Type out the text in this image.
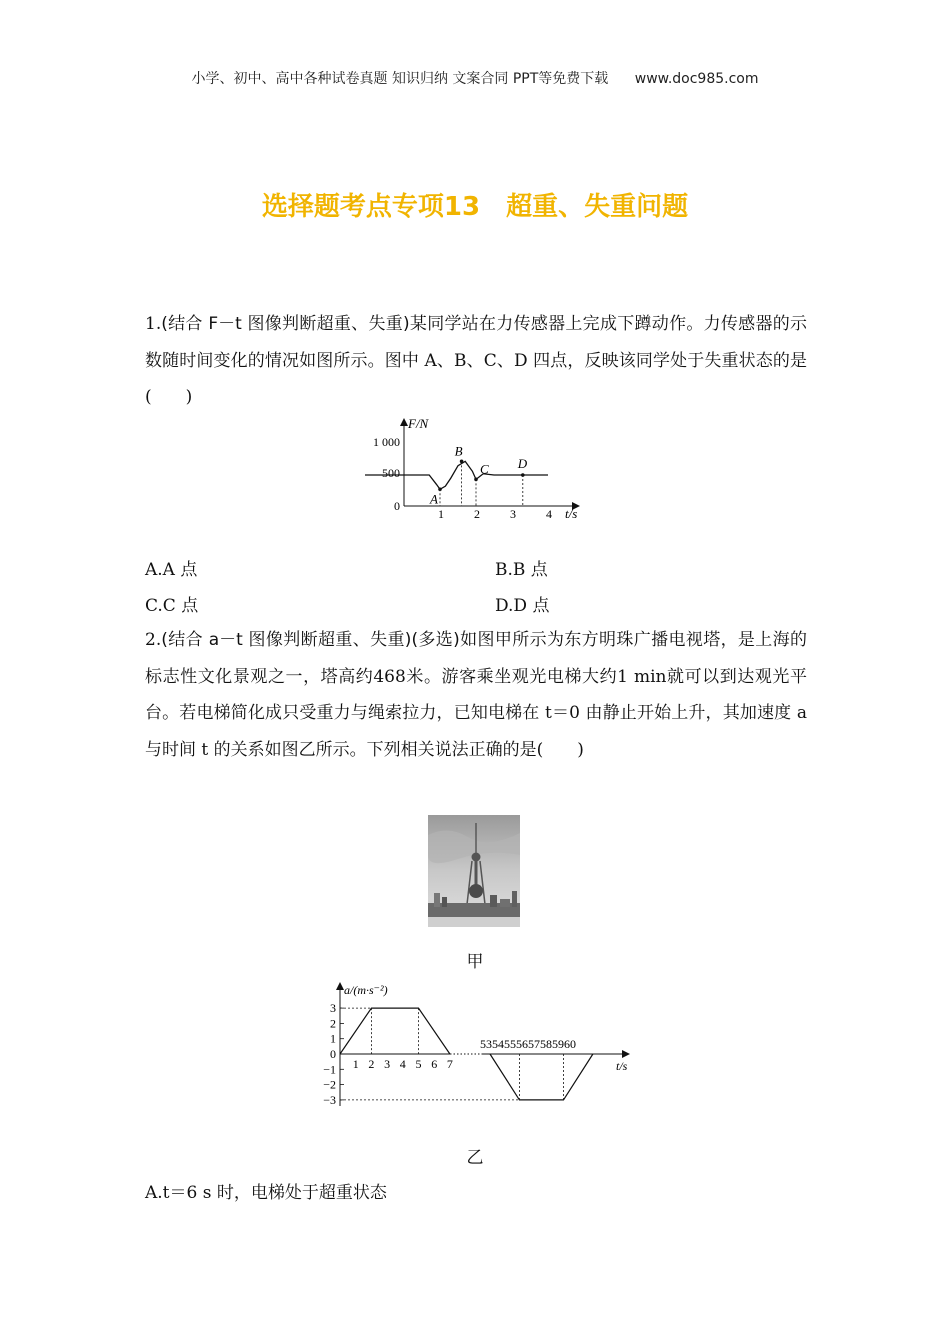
小学、初中、高中各种试卷真题 知识归纳 文案合同 PPT等免费下载 www.doc985.com
选择题考点专项13　超重、失重问题
1.(结合 F－t 图像判断超重、失重)某同学站在力传感器上完成下蹲动作。力传感器的示数随时间变化的情况如图所示。图中 A、B、C、D 四点，反映该同学处于失重状态的是(　　)
F/N
t/s
1 000
500
0
1	2	3	4
A
B
C D
A.A 点	B.B 点
C.C 点	D.D 点
2.(结合 a－t 图像判断超重、失重)(多选)如图甲所示为东方明珠广播电视塔，是上海的标志性文化景观之一，塔高约468米。游客乘坐观光电梯大约1 min就可以到达观光平台。若电梯简化成只受重力与绳索拉力，已知电梯在 t＝0 由静止开始上升，其加速度 a 与时间 t 的关系如图乙所示。下列相关说法正确的是(　　)
甲
a/(m·s⁻²)
t/s
3
2
1
0
−1
−2
−3
1 2 3 4 5 6 7
5354555657585960
乙
A.t＝6 s 时，电梯处于超重状态
